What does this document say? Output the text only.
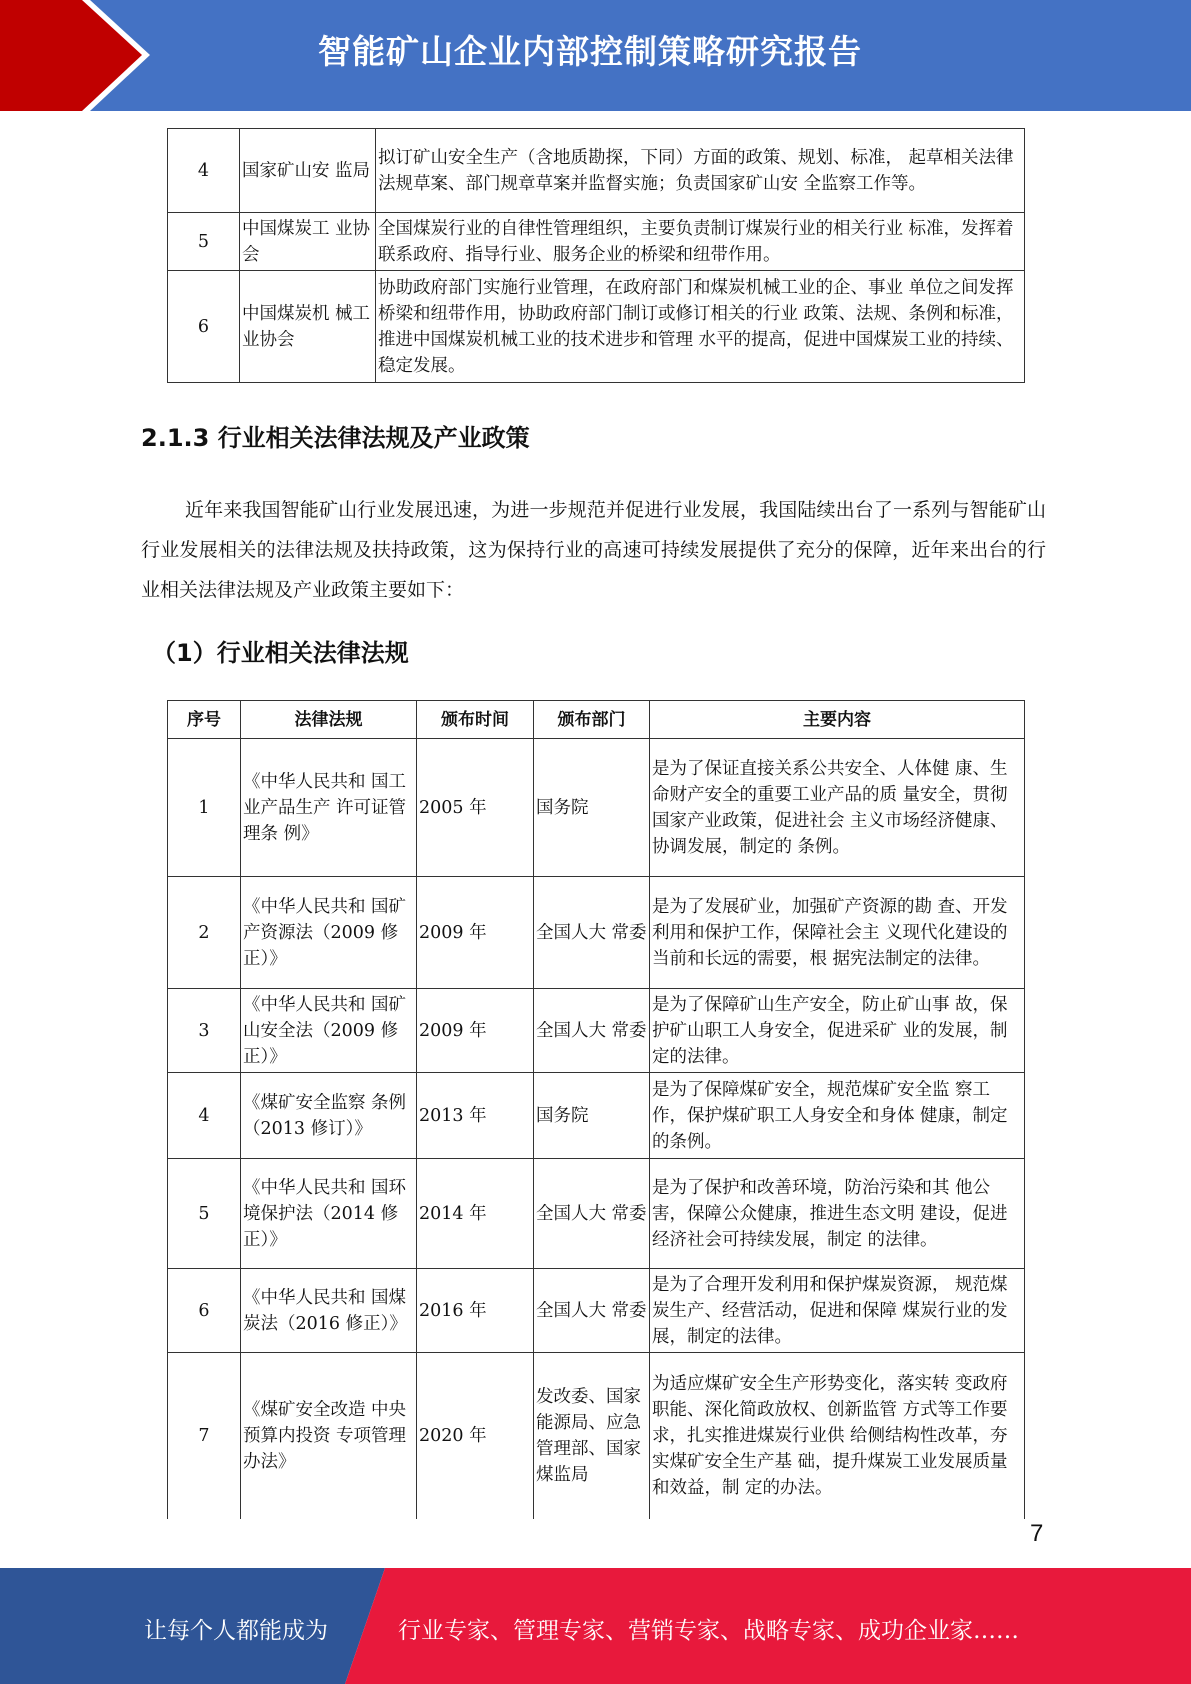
智能矿山企业内部控制策略研究报告
4	国家矿山安 监局	拟订矿山安全生产（含地质勘探，下同）方面的政策、规划、标准， 起草相关法律法规草案、部门规章草案并监督实施；负责国家矿山安 全监察工作等。
5	中国煤炭工 业协会	全国煤炭行业的自律性管理组织，主要负责制订煤炭行业的相关行业 标准，发挥着联系政府、指导行业、服务企业的桥梁和纽带作用。
6	中国煤炭机 械工业协会	协助政府部门实施行业管理，在政府部门和煤炭机械工业的企、事业 单位之间发挥桥梁和纽带作用，协助政府部门制订或修订相关的行业 政策、法规、条例和标准，推进中国煤炭机械工业的技术进步和管理 水平的提高，促进中国煤炭工业的持续、稳定发展。
2.1.3 行业相关法律法规及产业政策

近年来我国智能矿山行业发展迅速，为进一步规范并促进行业发展，我国陆续出台了一系列与智能矿山行业发展相关的法律法规及扶持政策，这为保持行业的高速可持续发展提供了充分的保障，近年来出台的行业相关法律法规及产业政策主要如下：

（1）行业相关法律法规
序号	法律法规	颁布时间	颁布部门	主要内容
1	《中华人民共和 国工业产品生产 许可证管理条 例》	2005 年	国务院	是为了保证直接关系公共安全、人体健 康、生命财产安全的重要工业产品的质 量安全，贯彻国家产业政策，促进社会 主义市场经济健康、协调发展，制定的 条例。
2	《中华人民共和 国矿产资源法（2009 修正）》	2009 年	全国人大 常委	是为了发展矿业，加强矿产资源的勘 查、开发利用和保护工作，保障社会主 义现代化建设的当前和长远的需要，根 据宪法制定的法律。
3	《中华人民共和 国矿山安全法（2009 修正）》	2009 年	全国人大 常委	是为了保障矿山生产安全，防止矿山事 故，保护矿山职工人身安全，促进采矿 业的发展，制定的法律。
4	《煤矿安全监察 条例（2013 修订）》	2013 年	国务院	是为了保障煤矿安全，规范煤矿安全监 察工作，保护煤矿职工人身安全和身体 健康，制定的条例。
5	《中华人民共和 国环境保护法（2014 修正）》	2014 年	全国人大 常委	是为了保护和改善环境，防治污染和其 他公害，保障公众健康，推进生态文明 建设，促进经济社会可持续发展，制定 的法律。
6	《中华人民共和 国煤炭法（2016 修正）》	2016 年	全国人大 常委	是为了合理开发利用和保护煤炭资源， 规范煤炭生产、经营活动，促进和保障 煤炭行业的发展，制定的法律。
7	《煤矿安全改造 中央预算内投资 专项管理办法》	2020 年	发改委、国家能源局、应急管理部、国家煤监局	为适应煤矿安全生产形势变化，落实转 变政府职能、深化简政放权、创新监管 方式等工作要求，扎实推进煤炭行业供 给侧结构性改革，夯实煤矿安全生产基 础，提升煤炭工业发展质量和效益，制 定的办法。
7
让每个人都能成为	行业专家、管理专家、营销专家、战略专家、成功企业家……
